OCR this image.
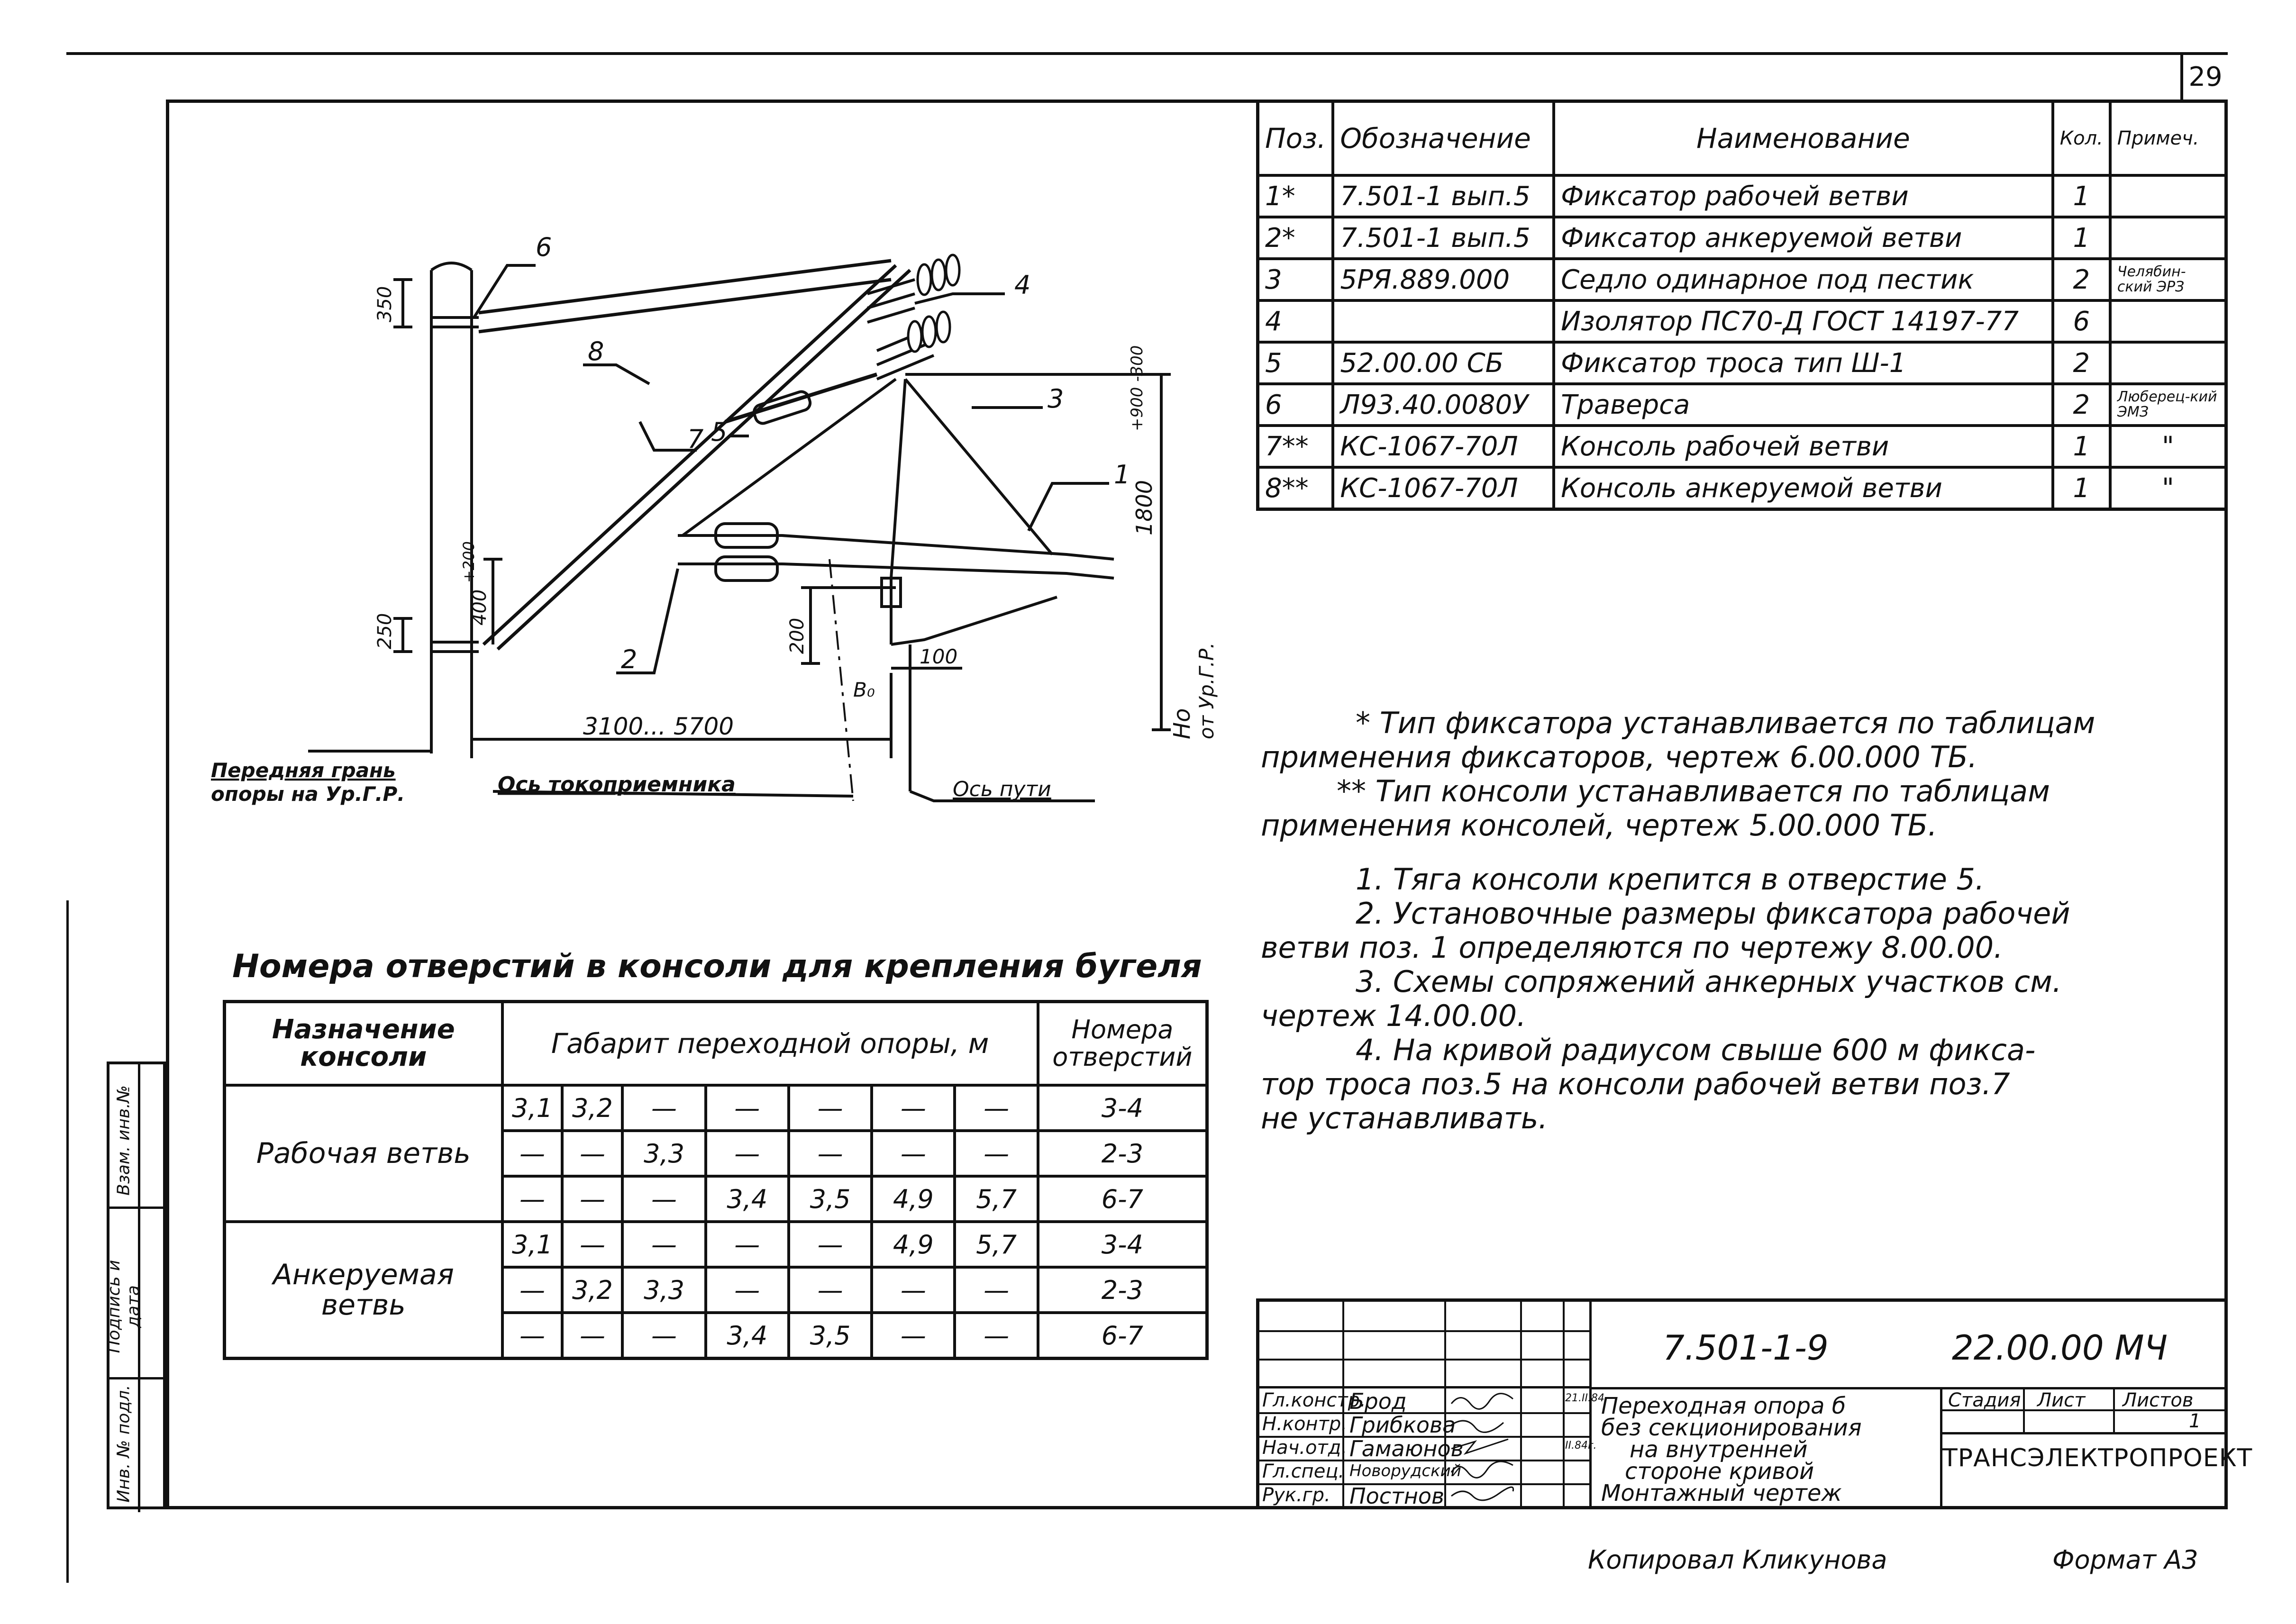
29
Инв. № подл.
Подпись и дата
Взам. инв.№
Поз.	Обозначение	Наименование	Кол.	Примеч.
1*	7.501-1 вып.5	Фиксатор рабочей ветви	1	
2*	7.501-1 вып.5	Фиксатор анкеруемой ветви	1	
3	5РЯ.889.000	Седло одинарное под пестик	2	Челябин-ский ЭРЗ
4		Изолятор ПС70-Д ГОСТ 14197-77	6	
5	52.00.00 СБ	Фиксатор троса тип Ш-1	2	
6	Л93.40.0080У	Траверса	2	Люберец-кий ЭМЗ
7**	КС-1067-70Л	Консоль рабочей ветви	1	"
8**	КС-1067-70Л	Консоль анкеруемой ветви	1	"
6
8
7 5
4
3
1
2
350
250
400
+200
200
100
В₀
3100... 5700
1800
+900 -300
Но от Ур.Г.Р.
Передняя грань
опоры на Ур.Г.Р.	Ось токоприемника	Ось пути
* Тип фиксатора устанавливается по таблицам
применения фиксаторов, чертеж 6.00.000 ТБ.
** Тип консоли устанавливается по таблицам
применения консолей, чертеж 5.00.000 ТБ.
1. Тяга консоли крепится в отверстие 5.
2. Установочные размеры фиксатора рабочей
ветви поз. 1 определяются по чертежу 8.00.00.
3. Схемы сопряжений анкерных участков см.
чертеж 14.00.00.
4. На кривой радиусом свыше 600 м фикса-
тор троса поз.5 на консоли рабочей ветви поз.7
не устанавливать.
Номера отверстий в консоли для крепления бугеля
Назначение консоли	Габарит переходной опоры, м							Номера отверстий
Рабочая ветвь	3,1	3,2	—	—	—	—	—	3-4
	—	—	3,3	—	—	—	—	2-3
	—	—	—	3,4	3,5	4,9	5,7	6-7
Анкеруемая ветвь	3,1	—	—	—	—	4,9	5,7	3-4
	—	3,2	3,3	—	—	—	—	2-3
	—	—	—	3,4	3,5	—	—	6-7
Гл.констр.
Брод	21.II.84
Н.контр. Грибкова
Нач.отд. Гамаюнов	II.84г.
Гл.спец. Новорудский
Рук.гр. Постнов
7.501-1-9	22.00.00 МЧ
Переходная опора б
без секционирования
на внутренней
стороне кривой
Монтажный чертеж
Стадия Лист Листов
1
ТРАНСЭЛЕКТРОПРОЕКТ
Копировал Кликунова	Формат А3
